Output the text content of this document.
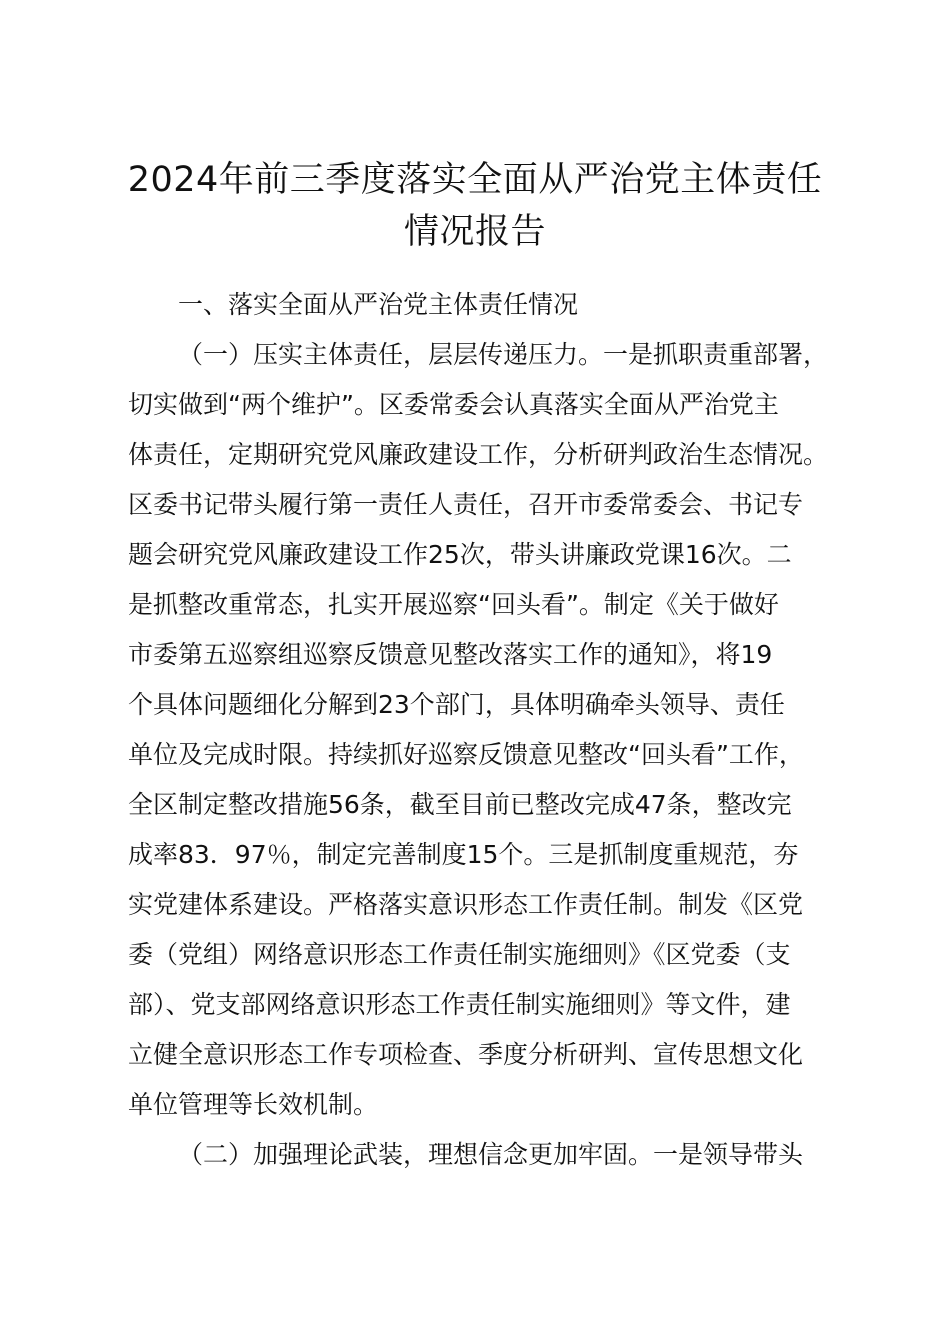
2024年前三季度落实全面从严治党主体责任
情况报告
一、落实全面从严治党主体责任情况
（一）压实主体责任，层层传递压力。一是抓职责重部署，
切实做到“两个维护”。区委常委会认真落实全面从严治党主
体责任，定期研究党风廉政建设工作，分析研判政治生态情况。
区委书记带头履行第一责任人责任，召开市委常委会、书记专
题会研究党风廉政建设工作25次，带头讲廉政党课16次。二
是抓整改重常态，扎实开展巡察“回头看”。制定《关于做好
市委第五巡察组巡察反馈意见整改落实工作的通知》，将19
个具体问题细化分解到23个部门，具体明确牵头领导、责任
单位及完成时限。持续抓好巡察反馈意见整改“回头看”工作，
全区制定整改措施56条，截至目前已整改完成47条，整改完
成率83．97％，制定完善制度15个。三是抓制度重规范，夯
实党建体系建设。严格落实意识形态工作责任制。制发《区党
委（党组）网络意识形态工作责任制实施细则》《区党委（支
部）、党支部网络意识形态工作责任制实施细则》等文件，建
立健全意识形态工作专项检查、季度分析研判、宣传思想文化
单位管理等长效机制。
（二）加强理论武装，理想信念更加牢固。一是领导带头
